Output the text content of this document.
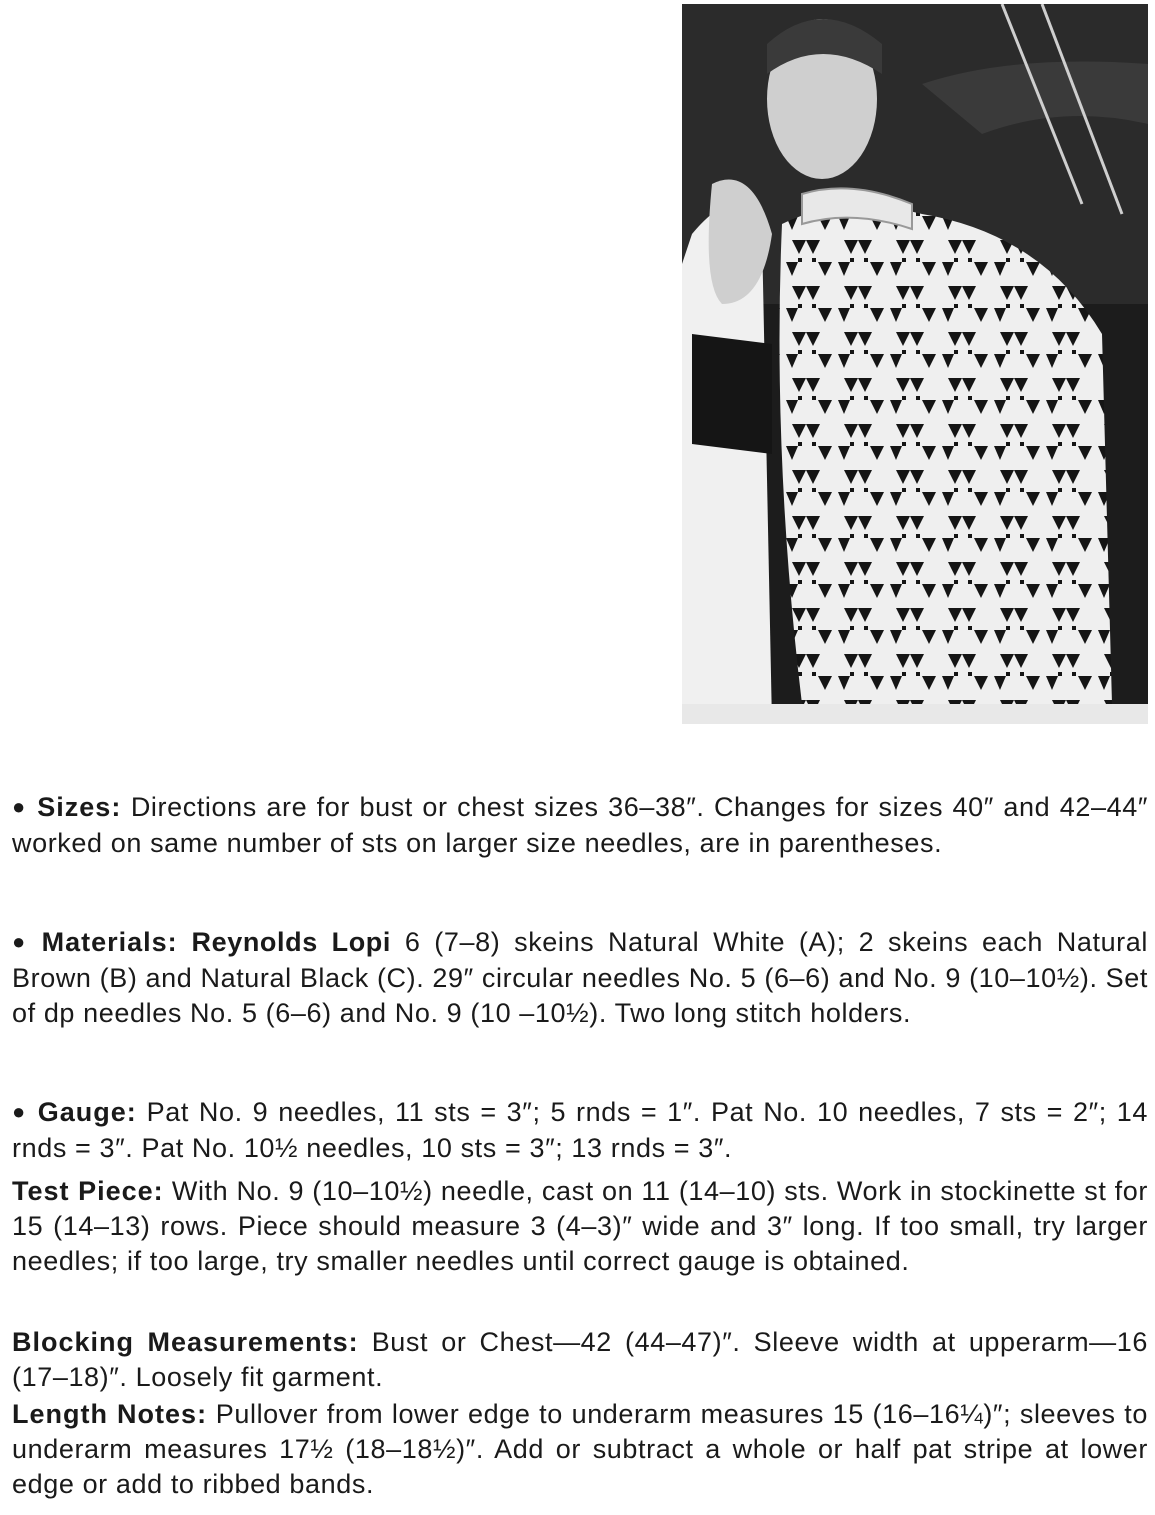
● Sizes: Directions are for bust or chest sizes 36–38″. Changes for sizes 40″ and 42–44″ worked on same number of sts on larger size needles, are in parentheses.

● Materials: Reynolds Lopi 6 (7–8) skeins Natural White (A); 2 skeins each Natural Brown (B) and Natural Black (C). 29″ circular needles No. 5 (6–6) and No. 9 (10–10½). Set of dp needles No. 5 (6–6) and No. 9 (10 –10½). Two long stitch holders.

● Gauge: Pat No. 9 needles, 11 sts = 3″; 5 rnds = 1″. Pat No. 10 needles, 7 sts = 2″; 14 rnds = 3″. Pat No. 10½ needles, 10 sts = 3″; 13 rnds = 3″.

Test Piece: With No. 9 (10–10½) needle, cast on 11 (14–10) sts. Work in stockinette st for 15 (14–13) rows. Piece should measure 3 (4–3)″ wide and 3″ long. If too small, try larger needles; if too large, try smaller needles until correct gauge is obtained.

Blocking Measurements: Bust or Chest—42 (44–47)″. Sleeve width at upperarm—16 (17–18)″. Loosely fit garment.

Length Notes: Pullover from lower edge to underarm measures 15 (16–16¼)″; sleeves to underarm measures 17½ (18–18½)″. Add or subtract a whole or half pat stripe at lower edge or add to ribbed bands.
